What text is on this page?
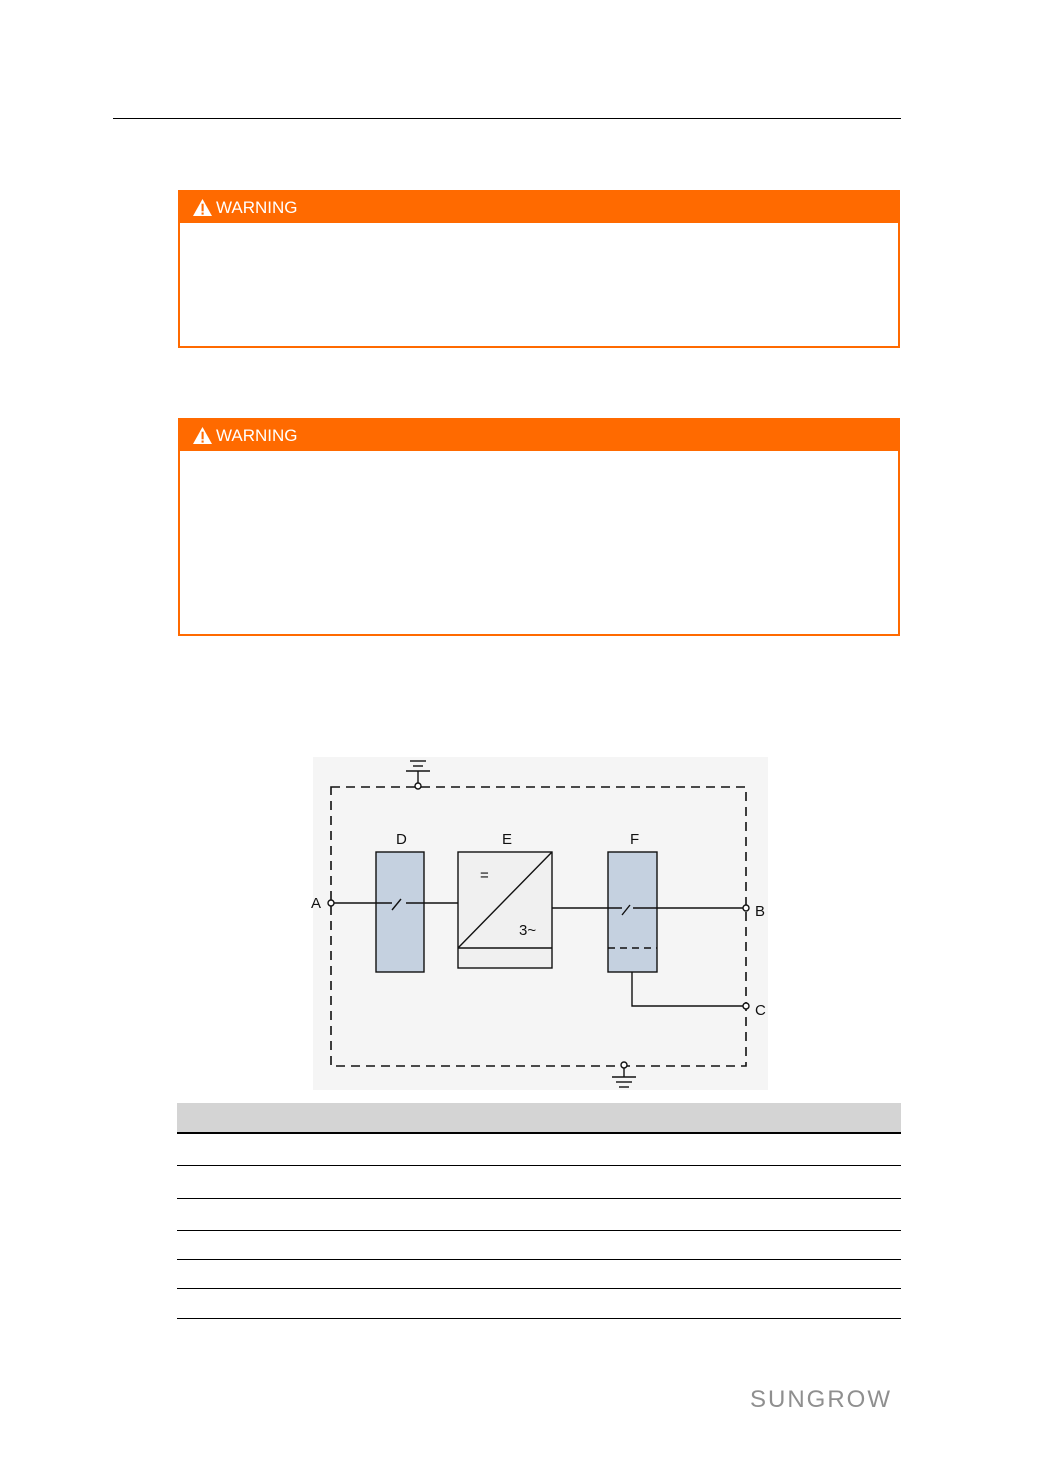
WARNING
WARNING
=
3~
A	B
C
D	E	F
SUNGROW
